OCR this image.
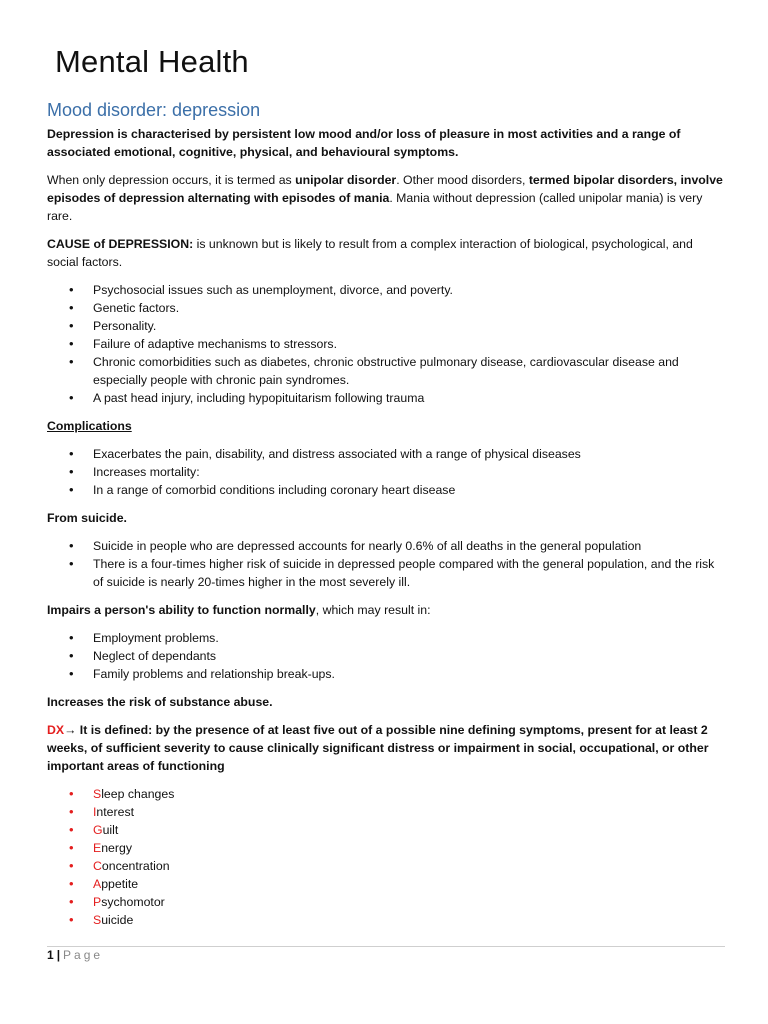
Mental Health
Mood disorder: depression

Depression is characterised by persistent low mood and/or loss of pleasure in most activities and a range of associated emotional, cognitive, physical, and behavioural symptoms.

When only depression occurs, it is termed as unipolar disorder. Other mood disorders, termed bipolar disorders, involve episodes of depression alternating with episodes of mania. Mania without depression (called unipolar mania) is very rare.

CAUSE of DEPRESSION: is unknown but is likely to result from a complex interaction of biological, psychological, and social factors.

• Psychosocial issues such as unemployment, divorce, and poverty.
• Genetic factors.
• Personality.
• Failure of adaptive mechanisms to stressors.
• Chronic comorbidities such as diabetes, chronic obstructive pulmonary disease, cardiovascular disease and especially people with chronic pain syndromes.
• A past head injury, including hypopituitarism following trauma

Complications

• Exacerbates the pain, disability, and distress associated with a range of physical diseases
• Increases mortality:
• In a range of comorbid conditions including coronary heart disease

From suicide.

• Suicide in people who are depressed accounts for nearly 0.6% of all deaths in the general population
• There is a four-times higher risk of suicide in depressed people compared with the general population, and the risk of suicide is nearly 20-times higher in the most severely ill.

Impairs a person's ability to function normally, which may result in:

• Employment problems.
• Neglect of dependants
• Family problems and relationship break-ups.

Increases the risk of substance abuse.

DX→ It is defined: by the presence of at least five out of a possible nine defining symptoms, present for at least 2 weeks, of sufficient severity to cause clinically significant distress or impairment in social, occupational, or other important areas of functioning

• Sleep changes
• Interest
• Guilt
• Energy
• Concentration
• Appetite
• Psychomotor
• Suicide
1 | Page
